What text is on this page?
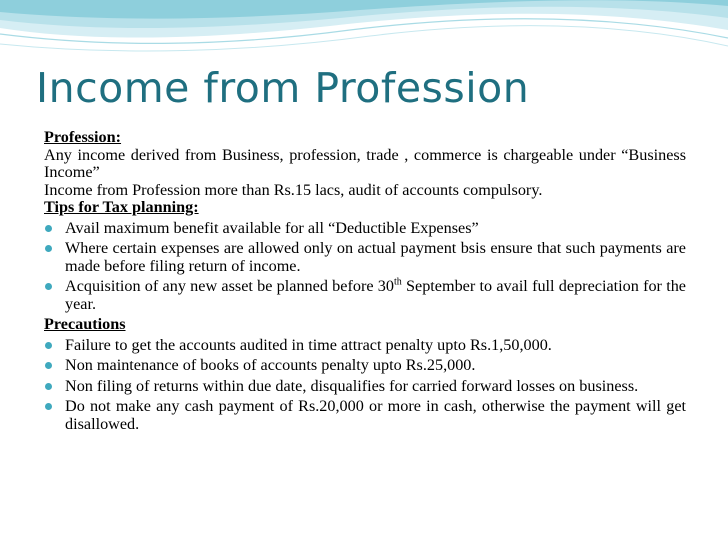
Income from Profession

Profession:

Any income derived from Business, profession, trade , commerce is chargeable under “Business Income”

Income from Profession more than Rs.15 lacs, audit of accounts compulsory.

Tips for Tax planning:

Avail maximum benefit available for all “Deductible Expenses”
Where certain expenses are allowed only on actual payment bsis ensure that such payments are made before filing return of income.
Acquisition of any new asset be planned before 30th September to avail full depreciation for the year.

Precautions

Failure to get the accounts audited in time attract penalty upto Rs.1,50,000.
Non maintenance of books of accounts penalty upto Rs.25,000.
Non filing of returns within due date, disqualifies for carried forward losses on business.
Do not make any cash payment of Rs.20,000 or more in cash, otherwise the payment will get disallowed.
